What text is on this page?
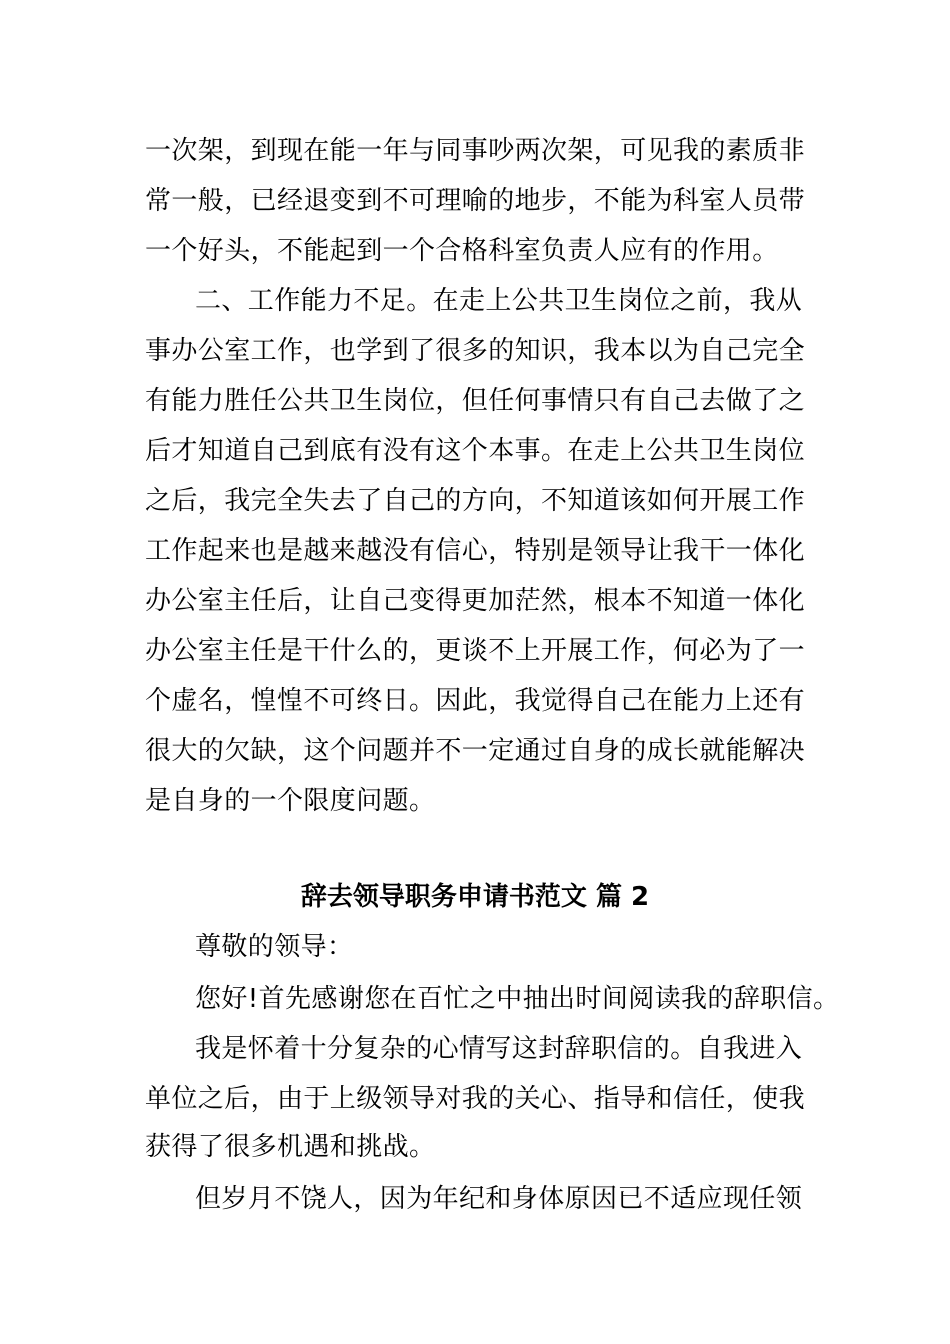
一次架，到现在能一年与同事吵两次架，可见我的素质非

常一般，已经退变到不可理喻的地步，不能为科室人员带

一个好头，不能起到一个合格科室负责人应有的作用。

二、工作能力不足。在走上公共卫生岗位之前，我从

事办公室工作，也学到了很多的知识，我本以为自己完全

有能力胜任公共卫生岗位，但任何事情只有自己去做了之

后才知道自己到底有没有这个本事。在走上公共卫生岗位

之后，我完全失去了自己的方向，不知道该如何开展工作

工作起来也是越来越没有信心，特别是领导让我干一体化

办公室主任后，让自己变得更加茫然，根本不知道一体化

办公室主任是干什么的，更谈不上开展工作，何必为了一

个虚名，惶惶不可终日。因此，我觉得自己在能力上还有

很大的欠缺，这个问题并不一定通过自身的成长就能解决

是自身的一个限度问题。

辞去领导职务申请书范文 篇 2

尊敬的领导：

您好!首先感谢您在百忙之中抽出时间阅读我的辞职信。

我是怀着十分复杂的心情写这封辞职信的。自我进入

单位之后，由于上级领导对我的关心、指导和信任，使我

获得了很多机遇和挑战。

但岁月不饶人，因为年纪和身体原因已不适应现任领
